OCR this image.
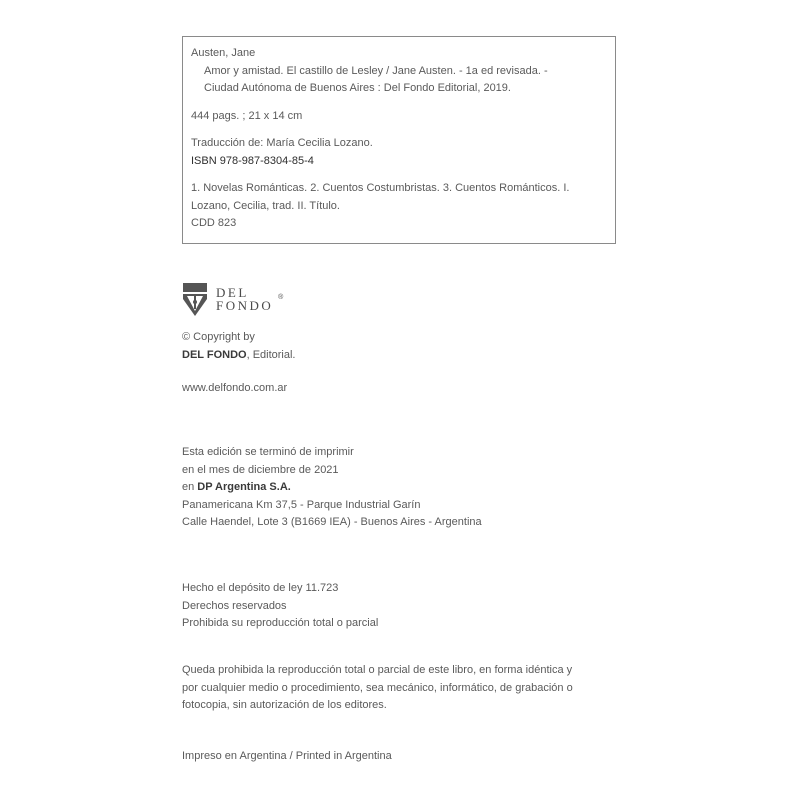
Austen, Jane
Amor y amistad. El castillo de Lesley / Jane Austen. - 1a ed revisada. -
Ciudad Autónoma de Buenos Aires : Del Fondo Editorial, 2019.
444 pags. ; 21 x 14 cm
Traducción de: María Cecilia Lozano.
ISBN 978-987-8304-85-4
1. Novelas Románticas. 2. Cuentos Costumbristas. 3. Cuentos Románticos. I.
Lozano, Cecilia, trad. II. Título.
CDD 823
DEL
FONDO
®
© Copyright by
DEL FONDO, Editorial.
www.delfondo.com.ar
Esta edición se terminó de imprimir
en el mes de diciembre de 2021
en DP Argentina S.A.
Panamericana Km 37,5 - Parque Industrial Garín
Calle Haendel, Lote 3 (B1669 IEA) - Buenos Aires - Argentina
Hecho el depósito de ley 11.723
Derechos reservados
Prohibida su reproducción total o parcial
Queda prohibida la reproducción total o parcial de este libro, en forma idéntica y
por cualquier medio o procedimiento, sea mecánico, informático, de grabación o
fotocopia, sin autorización de los editores.
Impreso en Argentina / Printed in Argentina
